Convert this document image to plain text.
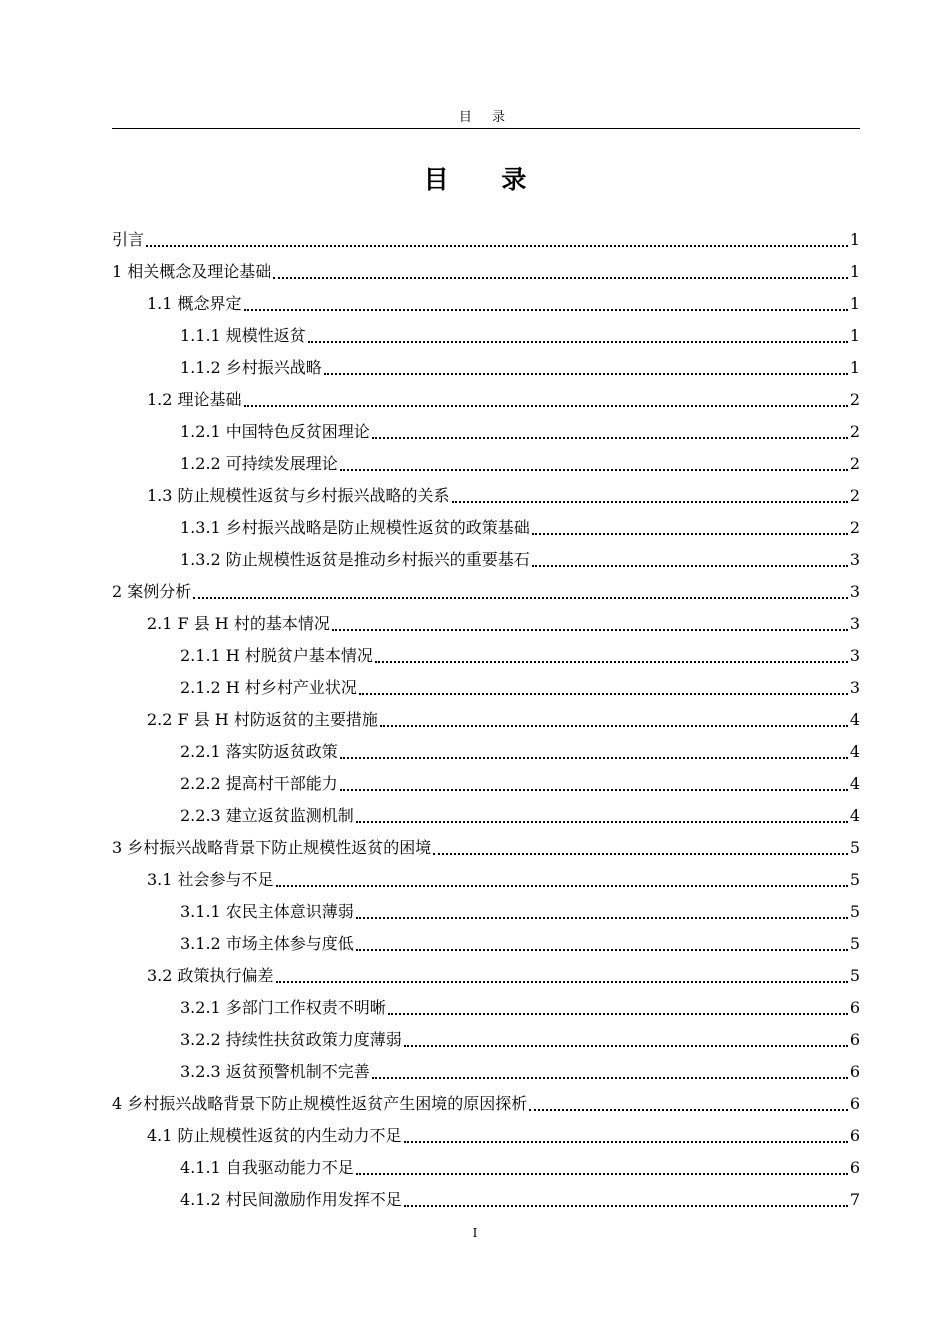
目 录
目 录
引言	1
1 相关概念及理论基础	1
1.1 概念界定	1
1.1.1 规模性返贫	1
1.1.2 乡村振兴战略	1
1.2 理论基础	2
1.2.1 中国特色反贫困理论	2
1.2.2 可持续发展理论	2
1.3 防止规模性返贫与乡村振兴战略的关系	2
1.3.1 乡村振兴战略是防止规模性返贫的政策基础	2
1.3.2 防止规模性返贫是推动乡村振兴的重要基石	3
2 案例分析	3
2.1 F 县 H 村的基本情况	3
2.1.1 H 村脱贫户基本情况	3
2.1.2 H 村乡村产业状况	3
2.2 F 县 H 村防返贫的主要措施	4
2.2.1 落实防返贫政策	4
2.2.2 提高村干部能力	4
2.2.3 建立返贫监测机制	4
3 乡村振兴战略背景下防止规模性返贫的困境	5
3.1 社会参与不足	5
3.1.1 农民主体意识薄弱	5
3.1.2 市场主体参与度低	5
3.2 政策执行偏差	5
3.2.1 多部门工作权责不明晰	6
3.2.2 持续性扶贫政策力度薄弱	6
3.2.3 返贫预警机制不完善	6
4 乡村振兴战略背景下防止规模性返贫产生困境的原因探析	6
4.1 防止规模性返贫的内生动力不足	6
4.1.1 自我驱动能力不足	6
4.1.2 村民间激励作用发挥不足	7
I
